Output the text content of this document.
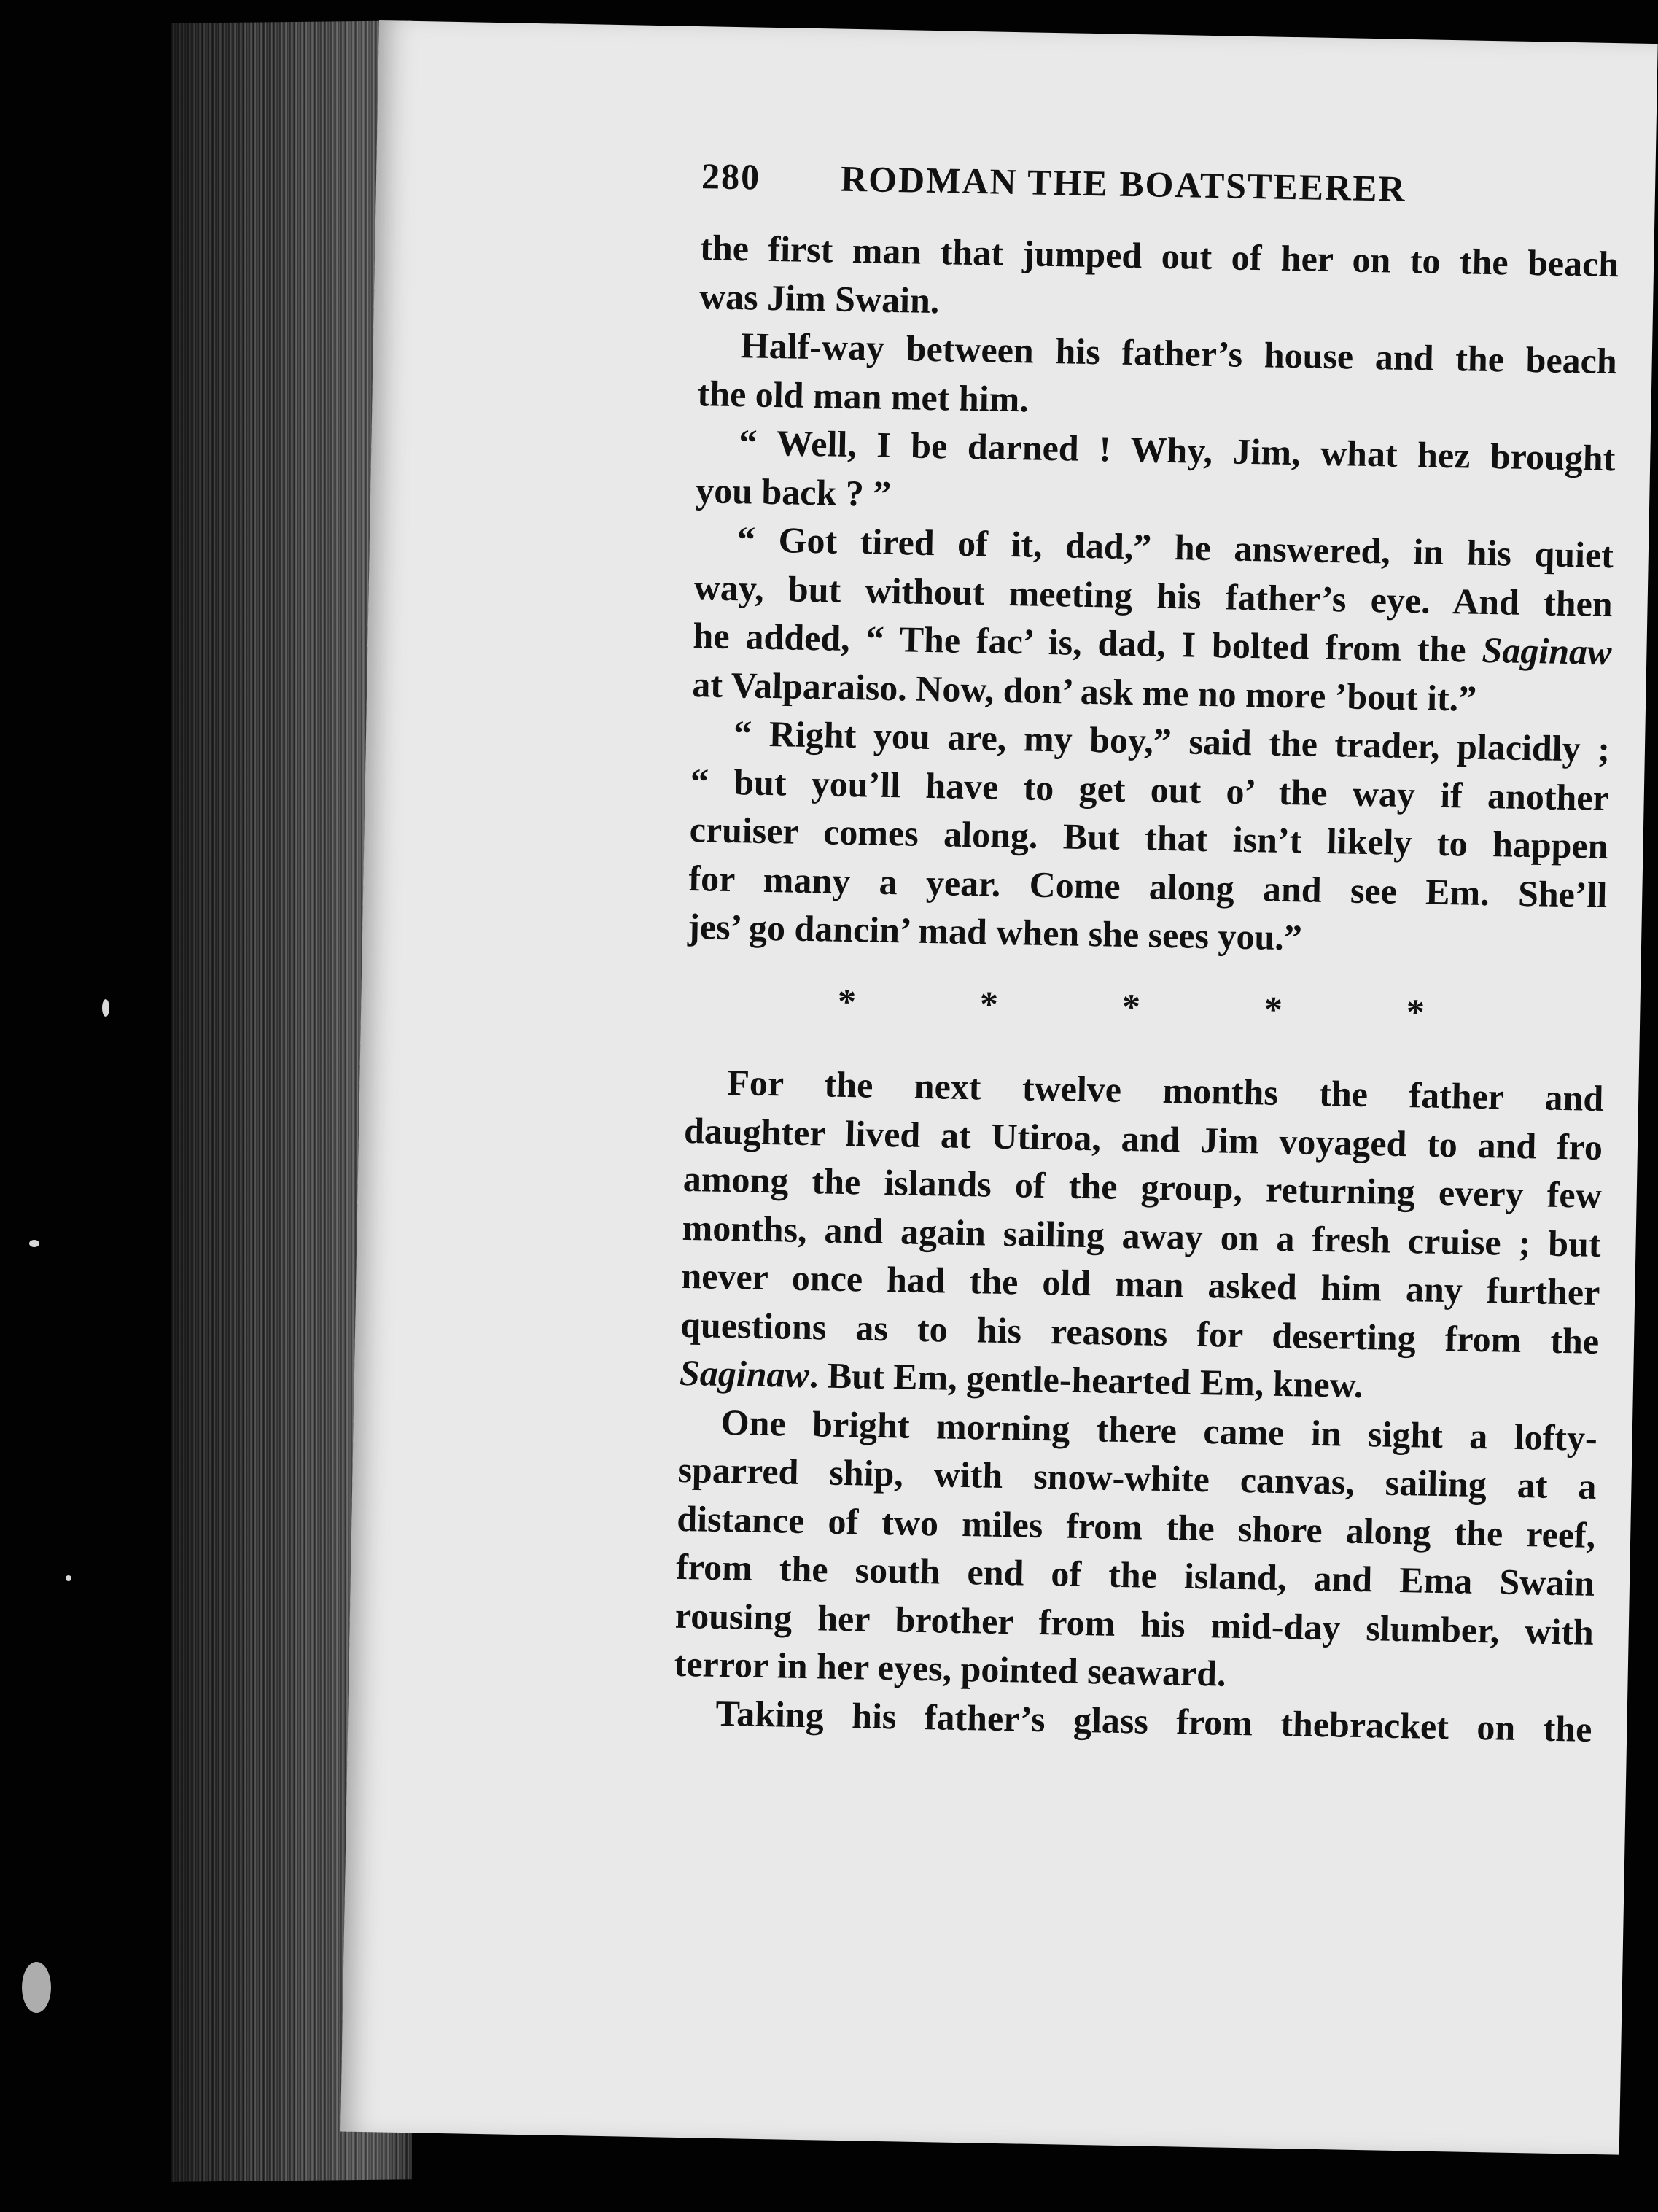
280 RODMAN THE BOATSTEERER
the first man that jumped out of her on to the beach
was Jim Swain.
Half-way between his father’s house and the beach
the old man met him.
“ Well, I be darned ! Why, Jim, what hez brought
you back ? ”
“ Got tired of it, dad,” he answered, in his quiet
way, but without meeting his father’s eye. And then
he added, “ The fac’ is, dad, I bolted from the Saginaw
at Valparaiso. Now, don’ ask me no more ’bout it.”
“ Right you are, my boy,” said the trader, placidly ;
“ but you’ll have to get out o’ the way if another
cruiser comes along. But that isn’t likely to happen
for many a year. Come along and see Em. She’ll
jes’ go dancin’ mad when she sees you.”
*	*	*	*	*
For the next twelve months the father and
daughter lived at Utiroa, and Jim voyaged to and fro
among the islands of the group, returning every few
months, and again sailing away on a fresh cruise ; but
never once had the old man asked him any further
questions as to his reasons for deserting from the
Saginaw. But Em, gentle-hearted Em, knew.
One bright morning there came in sight a lofty-
sparred ship, with snow-white canvas, sailing at a
distance of two miles from the shore along the reef,
from the south end of the island, and Ema Swain
rousing her brother from his mid-day slumber, with
terror in her eyes, pointed seaward.
Taking his father’s glass from thebracket on the
